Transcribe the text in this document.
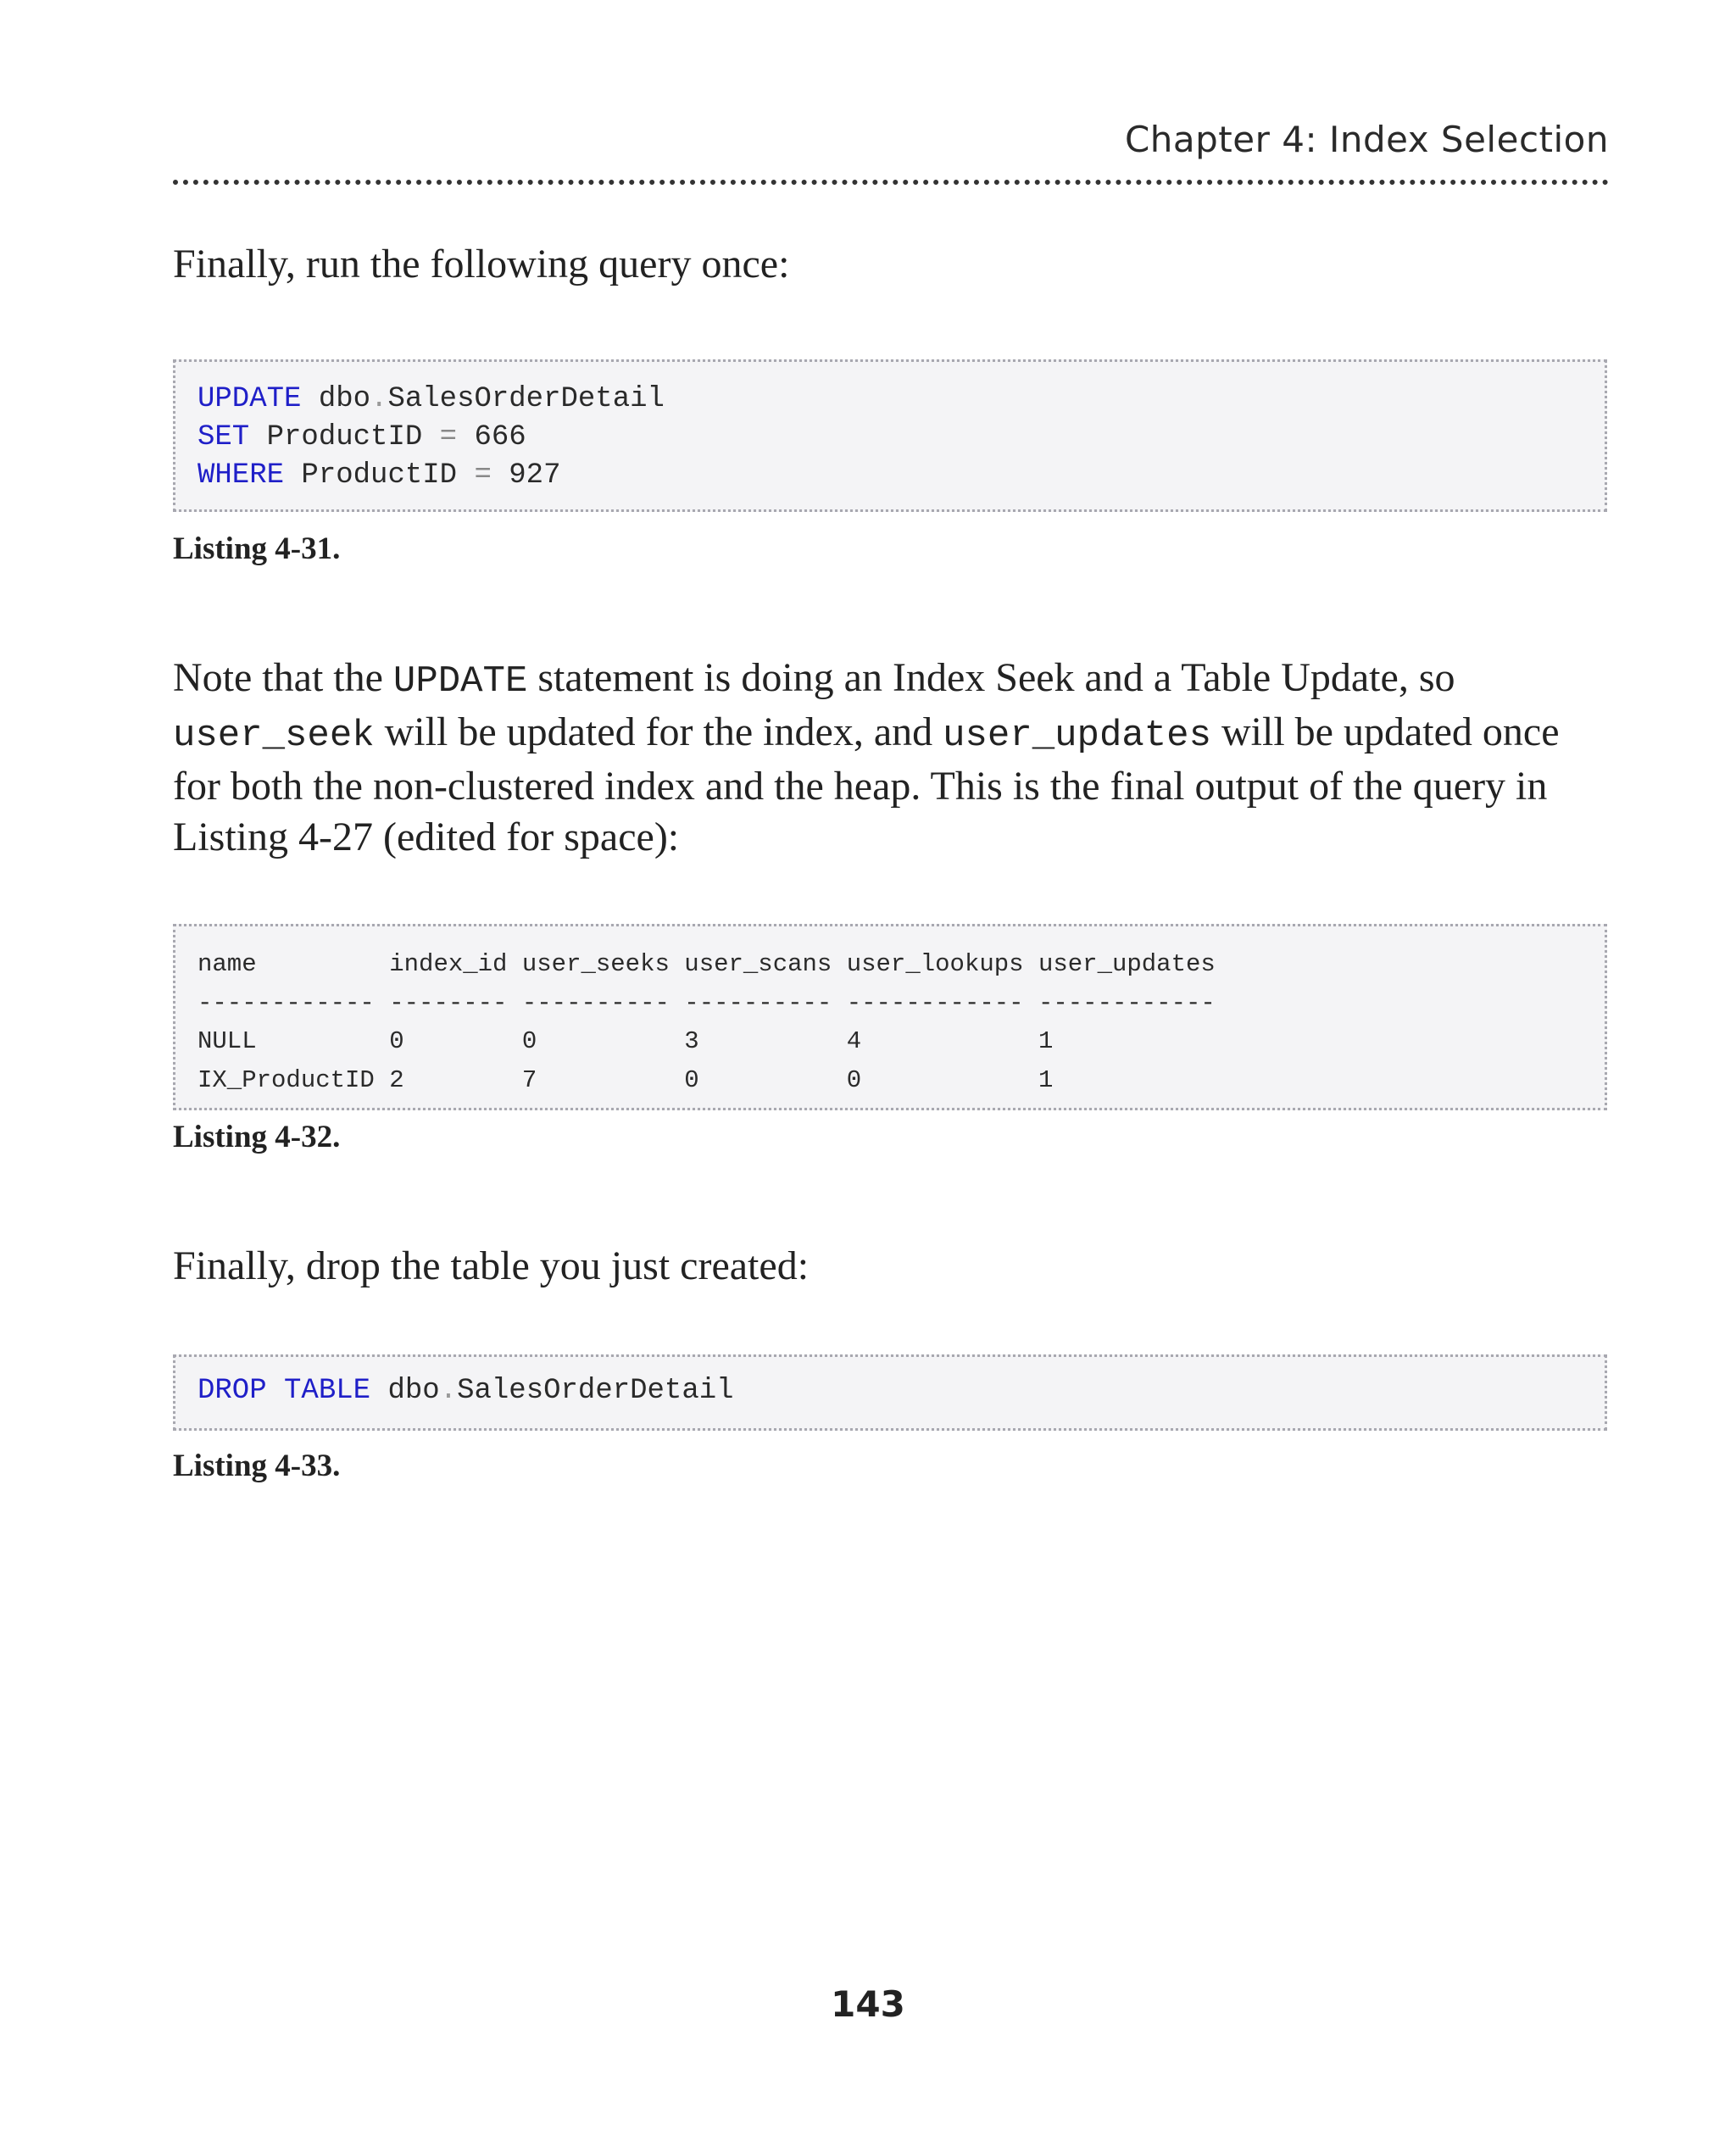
Chapter 4: Index Selection
Finally, run the following query once:
UPDATE dbo.SalesOrderDetail
SET ProductID = 666
WHERE ProductID = 927
Listing 4-31.
Note that the UPDATE statement is doing an Index Seek and a Table Update, so user_seek will be updated for the index, and user_updates will be updated once for both the non-clustered index and the heap. This is the final output of the query in Listing 4-27 (edited for space):
name         index_id user_seeks user_scans user_lookups user_updates
------------ -------- ---------- ---------- ------------ ------------
NULL         0        0          3          4            1
IX_ProductID 2        7          0          0            1
Listing 4-32.
Finally, drop the table you just created:
DROP TABLE dbo.SalesOrderDetail
Listing 4-33.
143
